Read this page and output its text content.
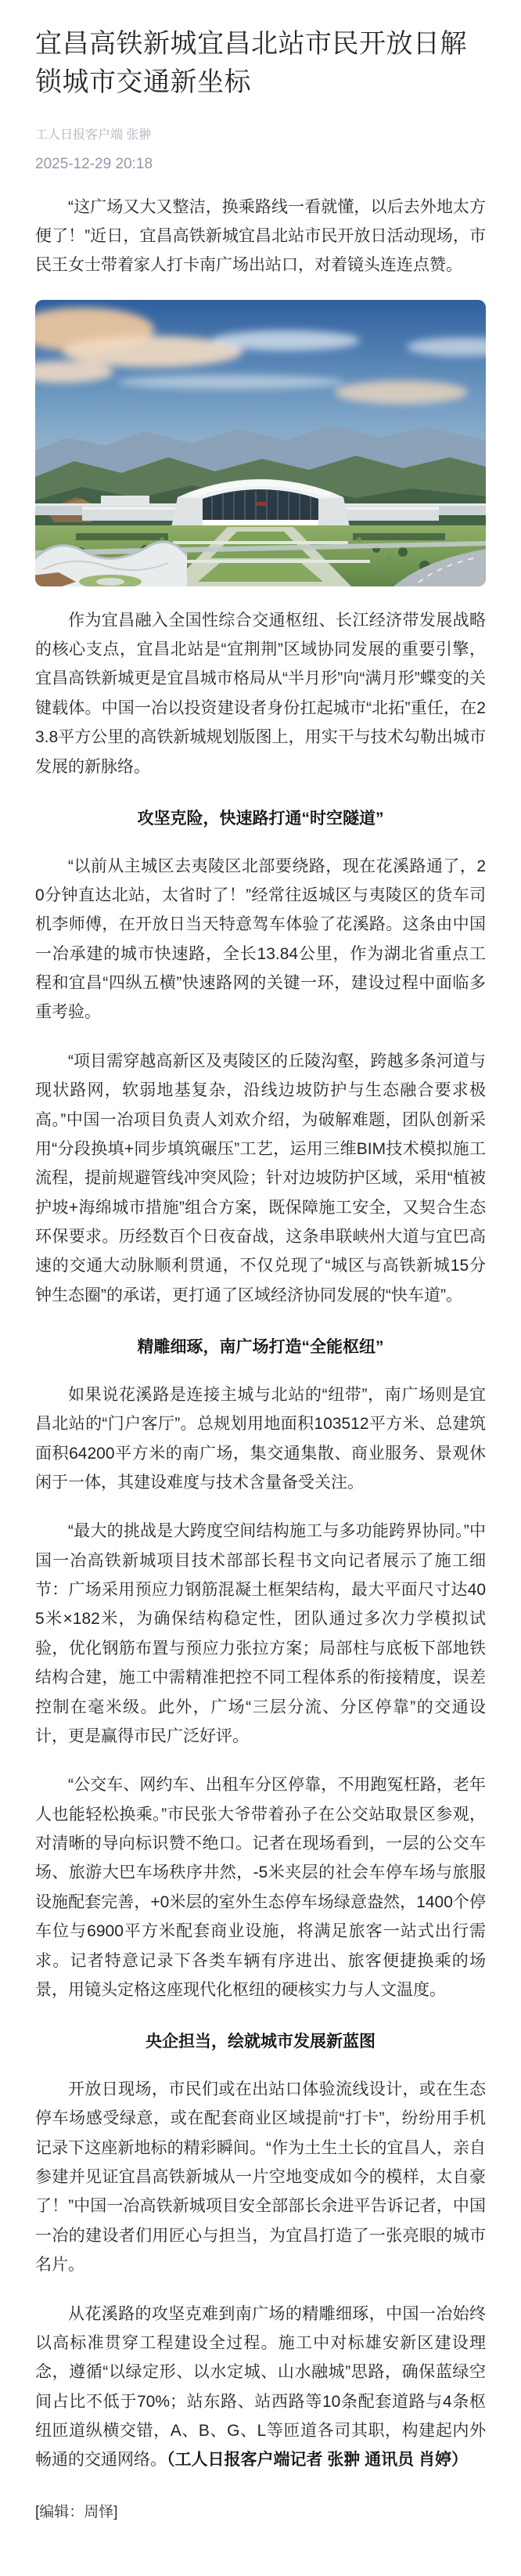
宜昌高铁新城宜昌北站市民开放日解锁城市交通新坐标
工人日报客户端 张翀
2025-12-29 20:18

“这广场又大又整洁，换乘路线一看就懂，以后去外地太方便了！”近日，宜昌高铁新城宜昌北站市民开放日活动现场，市民王女士带着家人打卡南广场出站口，对着镜头连连点赞。

作为宜昌融入全国性综合交通枢纽、长江经济带发展战略的核心支点，宜昌北站是“宜荆荆”区域协同发展的重要引擎，宜昌高铁新城更是宜昌城市格局从“半月形”向“满月形”蝶变的关键载体。中国一冶以投资建设者身份扛起城市“北拓”重任，在23.8平方公里的高铁新城规划版图上，用实干与技术勾勒出城市发展的新脉络。

攻坚克险，快速路打通“时空隧道”

“以前从主城区去夷陵区北部要绕路，现在花溪路通了，20分钟直达北站，太省时了！”经常往返城区与夷陵区的货车司机李师傅，在开放日当天特意驾车体验了花溪路。这条由中国一冶承建的城市快速路，全长13.84公里，作为湖北省重点工程和宜昌“四纵五横”快速路网的关键一环，建设过程中面临多重考验。

“项目需穿越高新区及夷陵区的丘陵沟壑，跨越多条河道与现状路网，软弱地基复杂，沿线边坡防护与生态融合要求极高。”中国一冶项目负责人刘欢介绍，为破解难题，团队创新采用“分段换填+同步填筑碾压”工艺，运用三维BIM技术模拟施工流程，提前规避管线冲突风险；针对边坡防护区域，采用“植被护坡+海绵城市措施”组合方案，既保障施工安全，又契合生态环保要求。历经数百个日夜奋战，这条串联峡州大道与宜巴高速的交通大动脉顺利贯通，不仅兑现了“城区与高铁新城15分钟生态圈”的承诺，更打通了区域经济协同发展的“快车道”。

精雕细琢，南广场打造“全能枢纽”

如果说花溪路是连接主城与北站的“纽带”，南广场则是宜昌北站的“门户客厅”。总规划用地面积103512平方米、总建筑面积64200平方米的南广场，集交通集散、商业服务、景观休闲于一体，其建设难度与技术含量备受关注。

“最大的挑战是大跨度空间结构施工与多功能跨界协同。”中国一冶高铁新城项目技术部部长程书文向记者展示了施工细节：广场采用预应力钢筋混凝土框架结构，最大平面尺寸达405米×182米，为确保结构稳定性，团队通过多次力学模拟试验，优化钢筋布置与预应力张拉方案；局部柱与底板下部地铁结构合建，施工中需精准把控不同工程体系的衔接精度，误差控制在毫米级。此外，广场“三层分流、分区停靠”的交通设计，更是赢得市民广泛好评。

“公交车、网约车、出租车分区停靠，不用跑冤枉路，老年人也能轻松换乘。”市民张大爷带着孙子在公交站取景区参观，对清晰的导向标识赞不绝口。记者在现场看到，一层的公交车场、旅游大巴车场秩序井然，-5米夹层的社会车停车场与旅服设施配套完善，+0米层的室外生态停车场绿意盎然，1400个停车位与6900平方米配套商业设施，将满足旅客一站式出行需求。记者特意记录下各类车辆有序进出、旅客便捷换乘的场景，用镜头定格这座现代化枢纽的硬核实力与人文温度。

央企担当，绘就城市发展新蓝图

开放日现场，市民们或在出站口体验流线设计，或在生态停车场感受绿意，或在配套商业区域提前“打卡”，纷纷用手机记录下这座新地标的精彩瞬间。“作为土生土长的宜昌人，亲自参建并见证宜昌高铁新城从一片空地变成如今的模样，太自豪了！”中国一冶高铁新城项目安全部部长余进平告诉记者，中国一冶的建设者们用匠心与担当，为宜昌打造了一张亮眼的城市名片。

从花溪路的攻坚克难到南广场的精雕细琢，中国一冶始终以高标准贯穿工程建设全过程。施工中对标雄安新区建设理念，遵循“以绿定形、以水定城、山水融城”思路，确保蓝绿空间占比不低于70%；站东路、站西路等10条配套道路与4条枢纽匝道纵横交错，A、B、G、L等匝道各司其职，构建起内外畅通的交通网络。（工人日报客户端记者 张翀 通讯员 肖婷）

[编辑：周怿]
